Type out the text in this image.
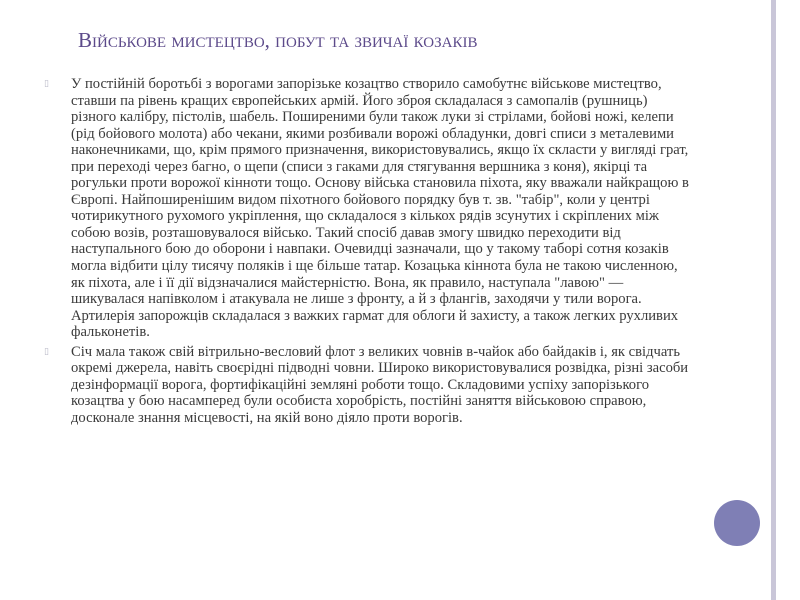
Військове мистецтво, побут та звичаї козаків
▯ У постійній боротьбі з ворогами запорізьке козацтво створило самобутнє військове мистецтво, ставши па рівень кращих європейських армій. Його зброя складалася з самопалів (рушниць) різного калібру, пістолів, шабель. Поширеними були також луки зі стрілами, бойові ножі, келепи (рід бойового молота) або чекани, якими розбивали ворожі обладунки, довгі списи з металевими наконечниками, що, крім прямого призначення, використовувались, якщо їх скласти у вигляді грат, при переході через багно, о щепи (списи з гаками для стягування вершника з коня), якірці та рогульки проти ворожої кінноти тощо. Основу війська становила піхота, яку вважали найкращою в Європі. Найпоширенішим видом піхотного бойового порядку був т. зв. "табір", коли у центрі чотирикутного рухомого укріплення, що складалося з кількох рядів зсунутих і скріплених між собою возів, розташовувалося військо. Такий спосіб давав змогу швидко переходити від наступального бою до оборони і навпаки. Очевидці зазначали, що у такому таборі сотня козаків могла відбити цілу тисячу поляків і ще більше татар. Козацька кіннота була не такою численною, як піхота, але і її дії відзначалися майстерністю. Вона, як правило, наступала "лавою" — шикувалася напівколом і атакувала не лише з фронту, а й з флангів, заходячи у тили ворога. Артилерія запорожців складалася з важких гармат для облоги й захисту, а також легких рухливих фальконетів.

▯ Січ мала також свій вітрильно-весловий флот з великих човнів в-чайок або байдаків і, як свідчать окремі джерела, навіть своєрідні підводні човни. Широко використовувалися розвідка, різні засоби дезінформації ворога, фортифікаційні земляні роботи тощо. Складовими успіху запорізького козацтва у бою насамперед були особиста хоробрість, постійні заняття військовою справою, досконале знання місцевості, на якій воно діяло проти ворогів.
